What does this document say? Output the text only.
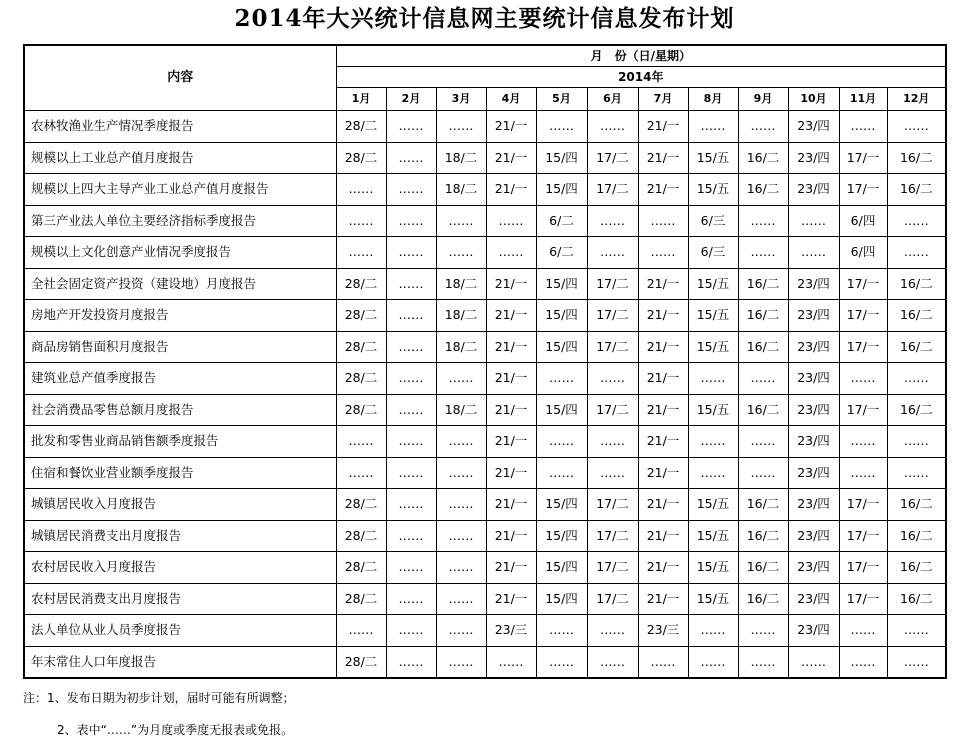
2014年大兴统计信息网主要统计信息发布计划
内容	月　份（日/星期）											
	2014年											
	1月	2月	3月	4月	5月	6月	7月	8月	9月	10月	11月	12月
农林牧渔业生产情况季度报告	28/二	……	……	21/一	……	……	21/一	……	……	23/四	……	……
规模以上工业总产值月度报告	28/二	……	18/二	21/一	15/四	17/二	21/一	15/五	16/二	23/四	17/一	16/二
规模以上四大主导产业工业总产值月度报告	……	……	18/二	21/一	15/四	17/二	21/一	15/五	16/二	23/四	17/一	16/二
第三产业法人单位主要经济指标季度报告	……	……	……	……	6/二	……	……	6/三	……	……	6/四	……
规模以上文化创意产业情况季度报告	……	……	……	……	6/二	……	……	6/三	……	……	6/四	……
全社会固定资产投资（建设地）月度报告	28/二	……	18/二	21/一	15/四	17/二	21/一	15/五	16/二	23/四	17/一	16/二
房地产开发投资月度报告	28/二	……	18/二	21/一	15/四	17/二	21/一	15/五	16/二	23/四	17/一	16/二
商品房销售面积月度报告	28/二	……	18/二	21/一	15/四	17/二	21/一	15/五	16/二	23/四	17/一	16/二
建筑业总产值季度报告	28/二	……	……	21/一	……	……	21/一	……	……	23/四	……	……
社会消费品零售总额月度报告	28/二	……	18/二	21/一	15/四	17/二	21/一	15/五	16/二	23/四	17/一	16/二
批发和零售业商品销售额季度报告	……	……	……	21/一	……	……	21/一	……	……	23/四	……	……
住宿和餐饮业营业额季度报告	……	……	……	21/一	……	……	21/一	……	……	23/四	……	……
城镇居民收入月度报告	28/二	……	……	21/一	15/四	17/二	21/一	15/五	16/二	23/四	17/一	16/二
城镇居民消费支出月度报告	28/二	……	……	21/一	15/四	17/二	21/一	15/五	16/二	23/四	17/一	16/二
农村居民收入月度报告	28/二	……	……	21/一	15/四	17/二	21/一	15/五	16/二	23/四	17/一	16/二
农村居民消费支出月度报告	28/二	……	……	21/一	15/四	17/二	21/一	15/五	16/二	23/四	17/一	16/二
法人单位从业人员季度报告	……	……	……	23/三	……	……	23/三	……	……	23/四	……	……
年末常住人口年度报告	28/二	……	……	……	……	……	……	……	……	……	……	……
注：1、发布日期为初步计划，届时可能有所调整；
2、表中“……”为月度或季度无报表或免报。
